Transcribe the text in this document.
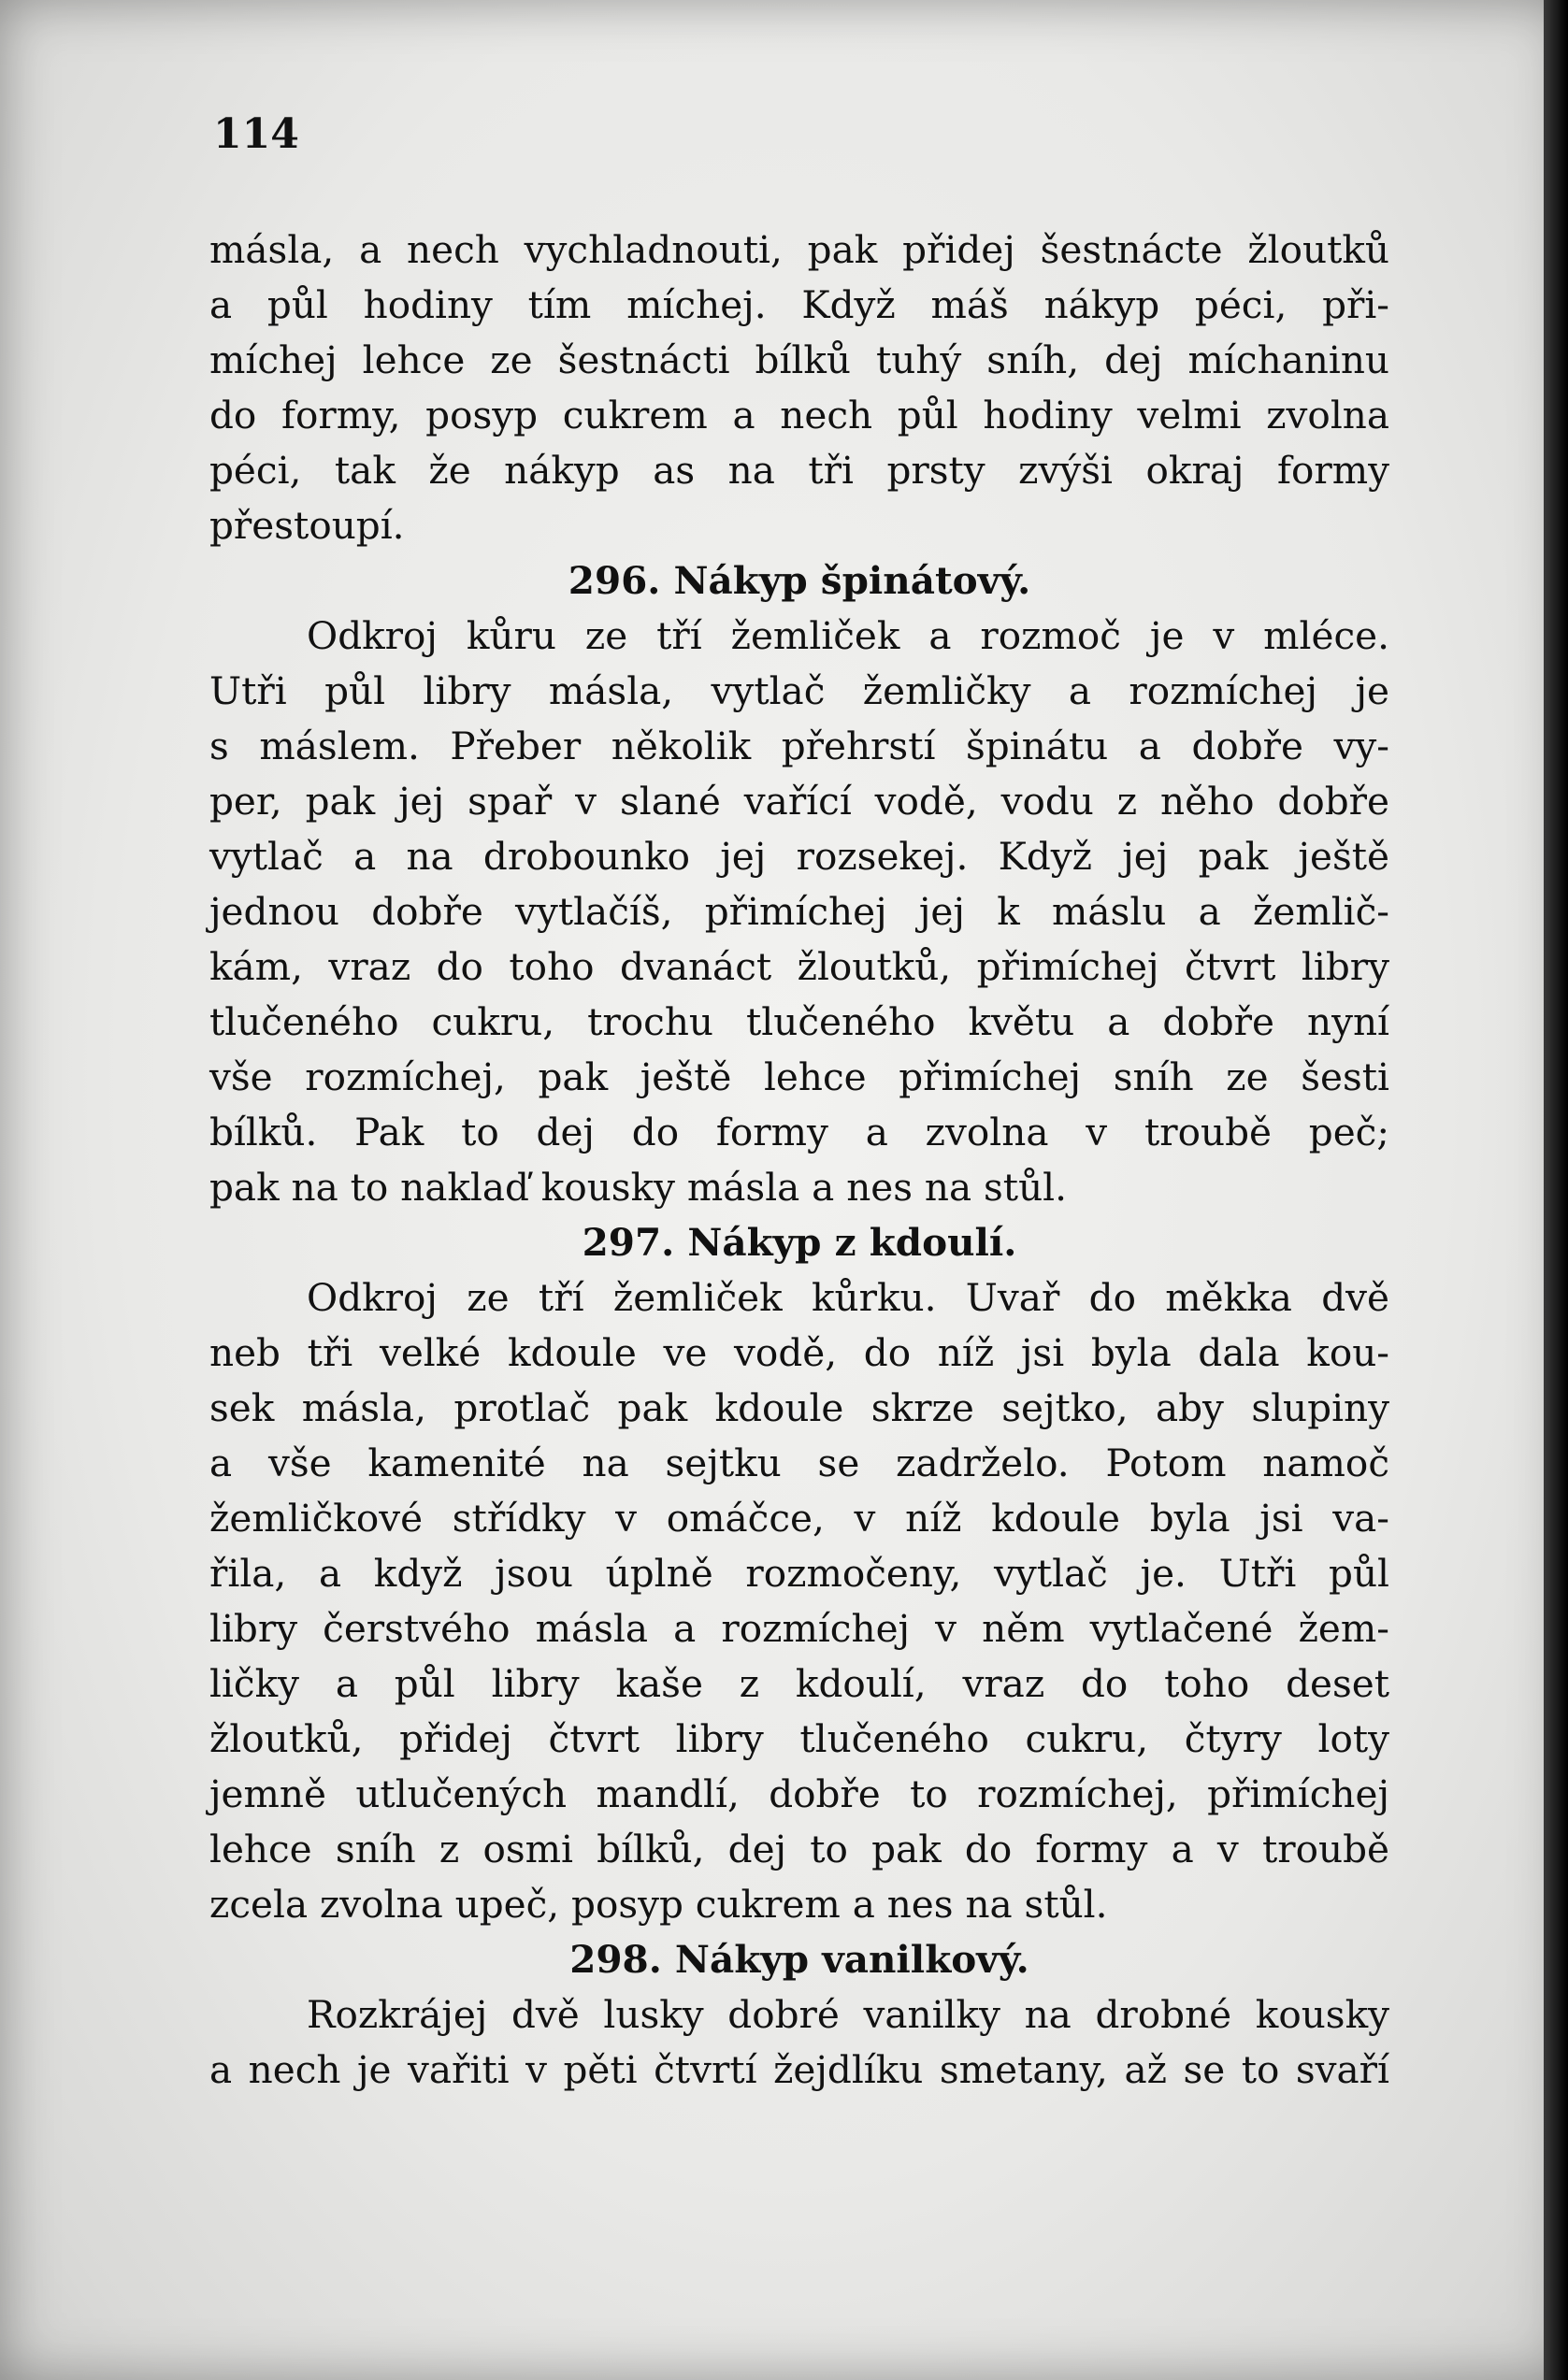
114
másla, a nech vychladnouti, pak přidej šestnácte žloutků
a půl hodiny tím míchej. Když máš nákyp péci, při-
míchej lehce ze šestnácti bílků tuhý sníh, dej míchaninu
do formy, posyp cukrem a nech půl hodiny velmi zvolna
péci, tak že nákyp as na tři prsty zvýši okraj formy
přestoupí.
296. Nákyp špinátový.
Odkroj kůru ze tří žemliček a rozmoč je v mléce.
Utři půl libry másla, vytlač žemličky a rozmíchej je
s máslem. Přeber několik přehrstí špinátu a dobře vy-
per, pak jej spař v slané vařící vodě, vodu z něho dobře
vytlač a na drobounko jej rozsekej. Když jej pak ještě
jednou dobře vytlačíš, přimíchej jej k máslu a žemlič-
kám, vraz do toho dvanáct žloutků, přimíchej čtvrt libry
tlučeného cukru, trochu tlučeného květu a dobře nyní
vše rozmíchej, pak ještě lehce přimíchej sníh ze šesti
bílků. Pak to dej do formy a zvolna v troubě peč;
pak na to naklaď kousky másla a nes na stůl.
297. Nákyp z kdoulí.
Odkroj ze tří žemliček kůrku. Uvař do měkka dvě
neb tři velké kdoule ve vodě, do níž jsi byla dala kou-
sek másla, protlač pak kdoule skrze sejtko, aby slupiny
a vše kamenité na sejtku se zadrželo. Potom namoč
žemličkové střídky v omáčce, v níž kdoule byla jsi va-
řila, a když jsou úplně rozmočeny, vytlač je. Utři půl
libry čerstvého másla a rozmíchej v něm vytlačené žem-
ličky a půl libry kaše z kdoulí, vraz do toho deset
žloutků, přidej čtvrt libry tlučeného cukru, čtyry loty
jemně utlučených mandlí, dobře to rozmíchej, přimíchej
lehce sníh z osmi bílků, dej to pak do formy a v troubě
zcela zvolna upeč, posyp cukrem a nes na stůl.
298. Nákyp vanilkový.
Rozkrájej dvě lusky dobré vanilky na drobné kousky
a nech je vařiti v pěti čtvrtí žejdlíku smetany, až se to svaří
